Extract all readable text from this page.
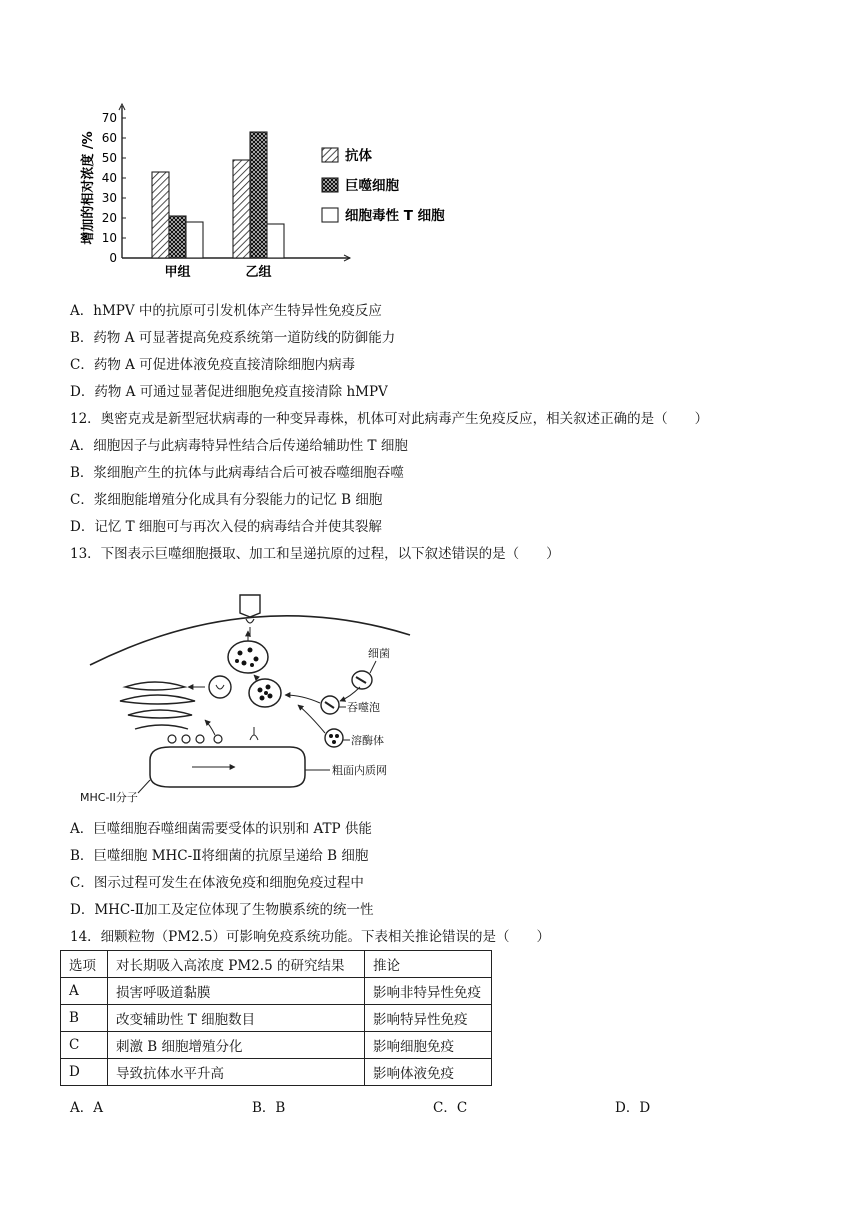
0
10
20
30
40
50
60
70
增加的相对浓度 /%
甲组	乙组
抗体
巨噬细胞
细胞毒性 T 细胞
A．hMPV 中的抗原可引发机体产生特异性免疫反应
B．药物 A 可显著提高免疫系统第一道防线的防御能力
C．药物 A 可促进体液免疫直接清除细胞内病毒
D．药物 A 可通过显著促进细胞免疫直接清除 hMPV
12．奥密克戎是新型冠状病毒的一种变异毒株，机体可对此病毒产生免疫反应，相关叙述正确的是（　　）
A．细胞因子与此病毒特异性结合后传递给辅助性 T 细胞
B．浆细胞产生的抗体与此病毒结合后可被吞噬细胞吞噬
C．浆细胞能增殖分化成具有分裂能力的记忆 B 细胞
D．记忆 T 细胞可与再次入侵的病毒结合并使其裂解
13．下图表示巨噬细胞摄取、加工和呈递抗原的过程，以下叙述错误的是（　　）
细菌
吞噬泡
溶酶体
粗面内质网
MHC-II分子
A．巨噬细胞吞噬细菌需要受体的识别和 ATP 供能
B．巨噬细胞 MHC-Ⅱ将细菌的抗原呈递给 B 细胞
C．图示过程可发生在体液免疫和细胞免疫过程中
D．MHC-Ⅱ加工及定位体现了生物膜系统的统一性
14．细颗粒物（PM2.5）可影响免疫系统功能。下表相关推论错误的是（　　）
选项	对长期吸入高浓度 PM2.5 的研究结果	推论
A	损害呼吸道黏膜	影响非特异性免疫
B	改变辅助性 T 细胞数目	影响特异性免疫
C	刺激 B 细胞增殖分化	影响细胞免疫
D	导致抗体水平升高	影响体液免疫
A．A	B．B	C．C	D．D
